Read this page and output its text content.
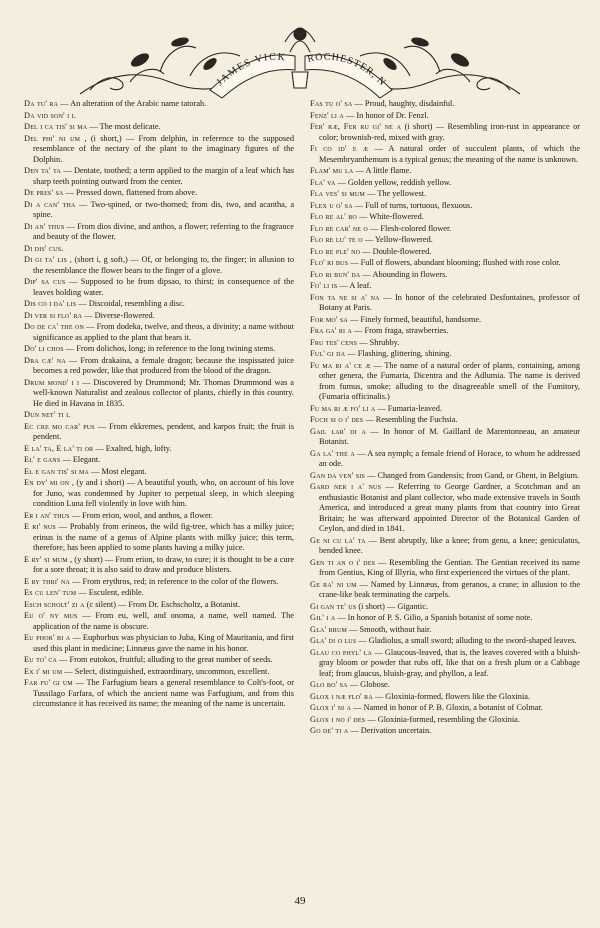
JAMES VICK	ROCHESTER, N

Da tu' ra — An alteration of the Arabic name tatorah.

Da vid son' i i.

Del i ca tis' si ma — The most delicate.

Del phi' ni um , (i short,) — From delphin, in reference to the supposed resemblance of the nectary of the plant to the imaginary figures of the Dolphin.

Den ta' ta — Dentate, toothed; a term applied to the margin of a leaf which has sharp teeth pointing outward from the center.

De pres' sa — Pressed down, flattened from above.

Di a can' tha — Two-spined, or two-thorned; from dis, two, and acantha, a spine.

Di an' thus — From dios divine, and anthos, a flower; referring to the fragrance and beauty of the flower.

Di dis' cus.

Di gi ta' lis , (short i, g soft,) — Of, or belonging to, the finger; in allusion to the resemblance the flower bears to the finger of a glove.

Dip' sa cus — Supposed to be from dipsao, to thirst; in consequence of the leaves holding water.

Dis co i da' lis — Discoidal, resembling a disc.

Di ver si flo' ra — Diverse-flowered.

Do de ca' the on — From dodeka, twelve, and theos, a divinity; a name without significance as applied to the plant that bears it.

Do' li chos — From dolichos, long; in reference to the long twining stems.

Dra cæ' na — From drakaina, a female dragon; because the inspissated juice becomes a red powder, like that produced from the blood of the dragon.

Drum mond' i i — Discovered by Drummond; Mr. Thomas Drummond was a well-known Naturalist and zealous collector of plants, chiefly in this country. He died in Havana in 1835.

Dun net' ti i.

Ec cre mo car' pus — From ekkremes, pendent, and karpos fruit; the fruit is pendent.

E la' ta, E la' ti or — Exalted, high, lofty.

El' e gans — Elegant.

El e gan tis' si ma — Most elegant.

En dy' mi on , (y and i short) — A beautiful youth, who, on account of his love for Juno, was condemned by Jupiter to perpetual sleep, in which sleeping condition Luna fell violently in love with him.

Er i an' thus — From erion, wool, and anthos, a flower.

E ri' nus — Probably from erineos, the wild fig-tree, which has a milky juice; erinus is the name of a genus of Alpine plants with milky juice; this term, therefore, has been applied to some plants having a milky juice.

E ry' si mum , (y short) — From erion, to draw, to cure; it is thought to be a cure for a sore throat; it is also said to draw and produce blisters.

E ry thri' na — From erythros, red; in reference to the color of the flowers.

Es cu len' tum — Esculent, edible.

Esch scholt' zi a (c silent) — From Dr. Eschscholtz, a Botanist.

Eu o' ny mus — From eu, well, and onoma, a name, well named. The application of the name is obscure.

Eu phor' bi a — Euphorbus was physician to Juba, King of Mauritania, and first used this plant in medicine; Linnæus gave the name in his honor.

Eu to' ca — From eutokos, fruitful; alluding to the great number of seeds.

Ex i' mi um — Select, distinguished, extraordinary, uncommon, excellent.

Far fu' gi um — The Farfugium bears a general resemblance to Colt's-foot, or Tussilago Farfara, of which the ancient name was Farfugium, and from this circumstance it has received its name; the meaning of the name is uncertain.

Fas tu o' sa — Proud, haughty, disdainful.

Fenz' li a — In honor of Dr. Fenzl.

Fer' ræ, Fer ru gi' ne a (i short) — Resembling iron-rust in appearance or color; brownish-red, mixed with gray.

Fi co id' e æ — A natural order of succulent plants, of which the Mesembryanthemum is a typical genus; the meaning of the name is unknown.

Flam' mu la — A little flame.

Fla' va — Golden yellow, reddish yellow.

Fla ves' si mum — The yellowest.

Flex u o' sa — Full of turns, tortuous, flexuous.

Flo re al' bo — White-flowered.

Flo re car' ne o — Flesh-colored flower.

Flo re lu' te o — Yellow-flowered.

Flo re ple' no — Double-flowered.

Flo' ri bus — Full of flowers, abundant blooming; flushed with rose color.

Flo ri bun' da — Abounding in flowers.

Fo' li is — A leaf.

Fon ta ne si a' na — In honor of the celebrated Desfontaines, professor of Botany at Paris.

For mo' sa — Finely formed, beautiful, handsome.

Fra ga' ri a — From fraga, strawberries.

Fru tes' cens — Shrubby.

Ful' gi da — Flashing, glittering, shining.

Fu ma ri a' ce æ — The name of a natural order of plants, containing, among other genera, the Fumaria, Dicentra and the Adlumia. The name is derived from fumus, smoke; alluding to the disagreeable smell of the Fumitory, (Fumaria officinalis.)

Fu ma ri æ fo' li a — Fumaria-leaved.

Fuch si o i' des — Resembling the Fuchsia.

Gail lar' di a — In honor of M. Gaillard de Marentonneau, an amateur Botanist.

Ga la' the a — A sea nymph; a female friend of Horace, to whom he addressed an ode.

Gan da ven' sis — Changed from Gandensis; from Gand, or Ghent, in Belgium.

Gard ner i a' nus — Referring to George Gardner, a Scotchman and an enthusiastic Botanist and plant collector, who made extensive travels in South America, and introduced a great many plants from that country into Great Britain; he was afterward appointed Director of the Botanical Garden of Ceylon, and died in 1841.

Ge ni cu la' ta — Bent abruptly, like a knee; from genu, a knee; geniculatus, bended knee.

Gen ti an o i' des — Resembling the Gentian. The Gentian received its name from Gentius, King of Illyria, who first experienced the virtues of the plant.

Ge ra' ni um — Named by Linnæus, from geranos, a crane; in allusion to the crane-like beak terminating the carpels.

Gi gan te' us (i short) — Gigantic.

Gil' i a — In honor of P. S. Gilio, a Spanish botanist of some note.

Gla' brum — Smooth, without hair.

Gla' di o lus — Gladiolus, a small sword; alluding to the sword-shaped leaves.

Glau co phyl' la — Glaucous-leaved, that is, the leaves covered with a bluish-gray bloom or powder that rubs off, like that on a fresh plum or a Cabbage leaf; from glaucus, bluish-gray, and phyllon, a leaf.

Glo bo' sa — Globose.

Glox i næ flo' ra — Gloxinia-formed, flowers like the Gloxinia.

Glox i' ni a — Named in honor of P. B. Gloxin, a botanist of Colmar.

Glox i no i' des — Gloxinia-formed, resembling the Gloxinia.

Go de' ti a — Derivation uncertain.

49
